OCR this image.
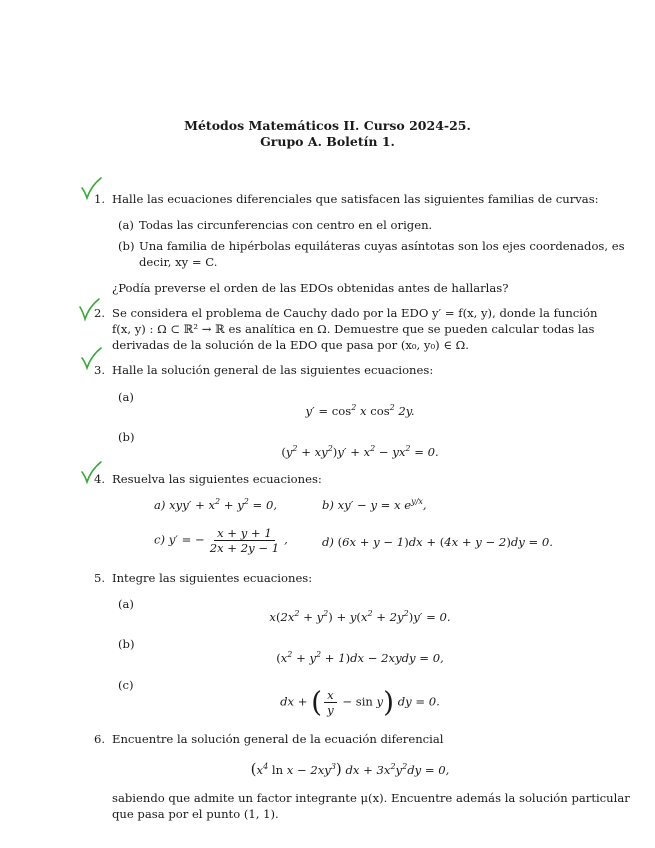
Métodos Matemáticos II. Curso 2024-25.
Grupo A. Boletín 1.
1. Halle las ecuaciones diferenciales que satisfacen las siguientes familias de curvas:
(a) Todas las circunferencias con centro en el origen.
(b) Una familia de hipérbolas equiláteras cuyas asíntotas son los ejes coordenados, es
decir, xy = C.
¿Podía preverse el orden de las EDOs obtenidas antes de hallarlas?
2. Se considera el problema de Cauchy dado por la EDO y′ = f(x, y), donde la función
f(x, y) : Ω ⊂ ℝ² → ℝ es analítica en Ω. Demuestre que se pueden calcular todas las
derivadas de la solución de la EDO que pasa por (x₀, y₀) ∈ Ω.
3. Halle la solución general de las siguientes ecuaciones:
(a)
$y' = \cos^2 x$ $\cos^2 2y$.
(b)
$(y^2 + xy^2)y' + x^2 - yx^2 = 0$.
4. Resuelva las siguientes ecuaciones:
a) $xyy' + x^2 + y^2 = 0$,	b) xy′ − y = x $e^{y/x}$,
c) y′ = − $\frac{x + y + 1}{2x + 2y - 1}$ ,	d) (6x + y − 1)dx + (4x + y − 2)dy = 0.
5. Integre las siguientes ecuaciones:
(a)
$x(2x^2 + y^2) + y(x^2 + 2y^2)y' = 0$.
(b)
$(x^2 + y^2 + 1)dx$ − 2xydy = 0,
(c)
dx + ( $\frac{x}{y} - \sin y$) dy = 0.
6. Encuentre la solución general de la ecuación diferencial
($x^4$ $\ln x - 2xy^3$) dx + $3x^2y^2dy = 0$,
sabiendo que admite un factor integrante μ(x). Encuentre además la solución particular
que pasa por el punto (1, 1).
